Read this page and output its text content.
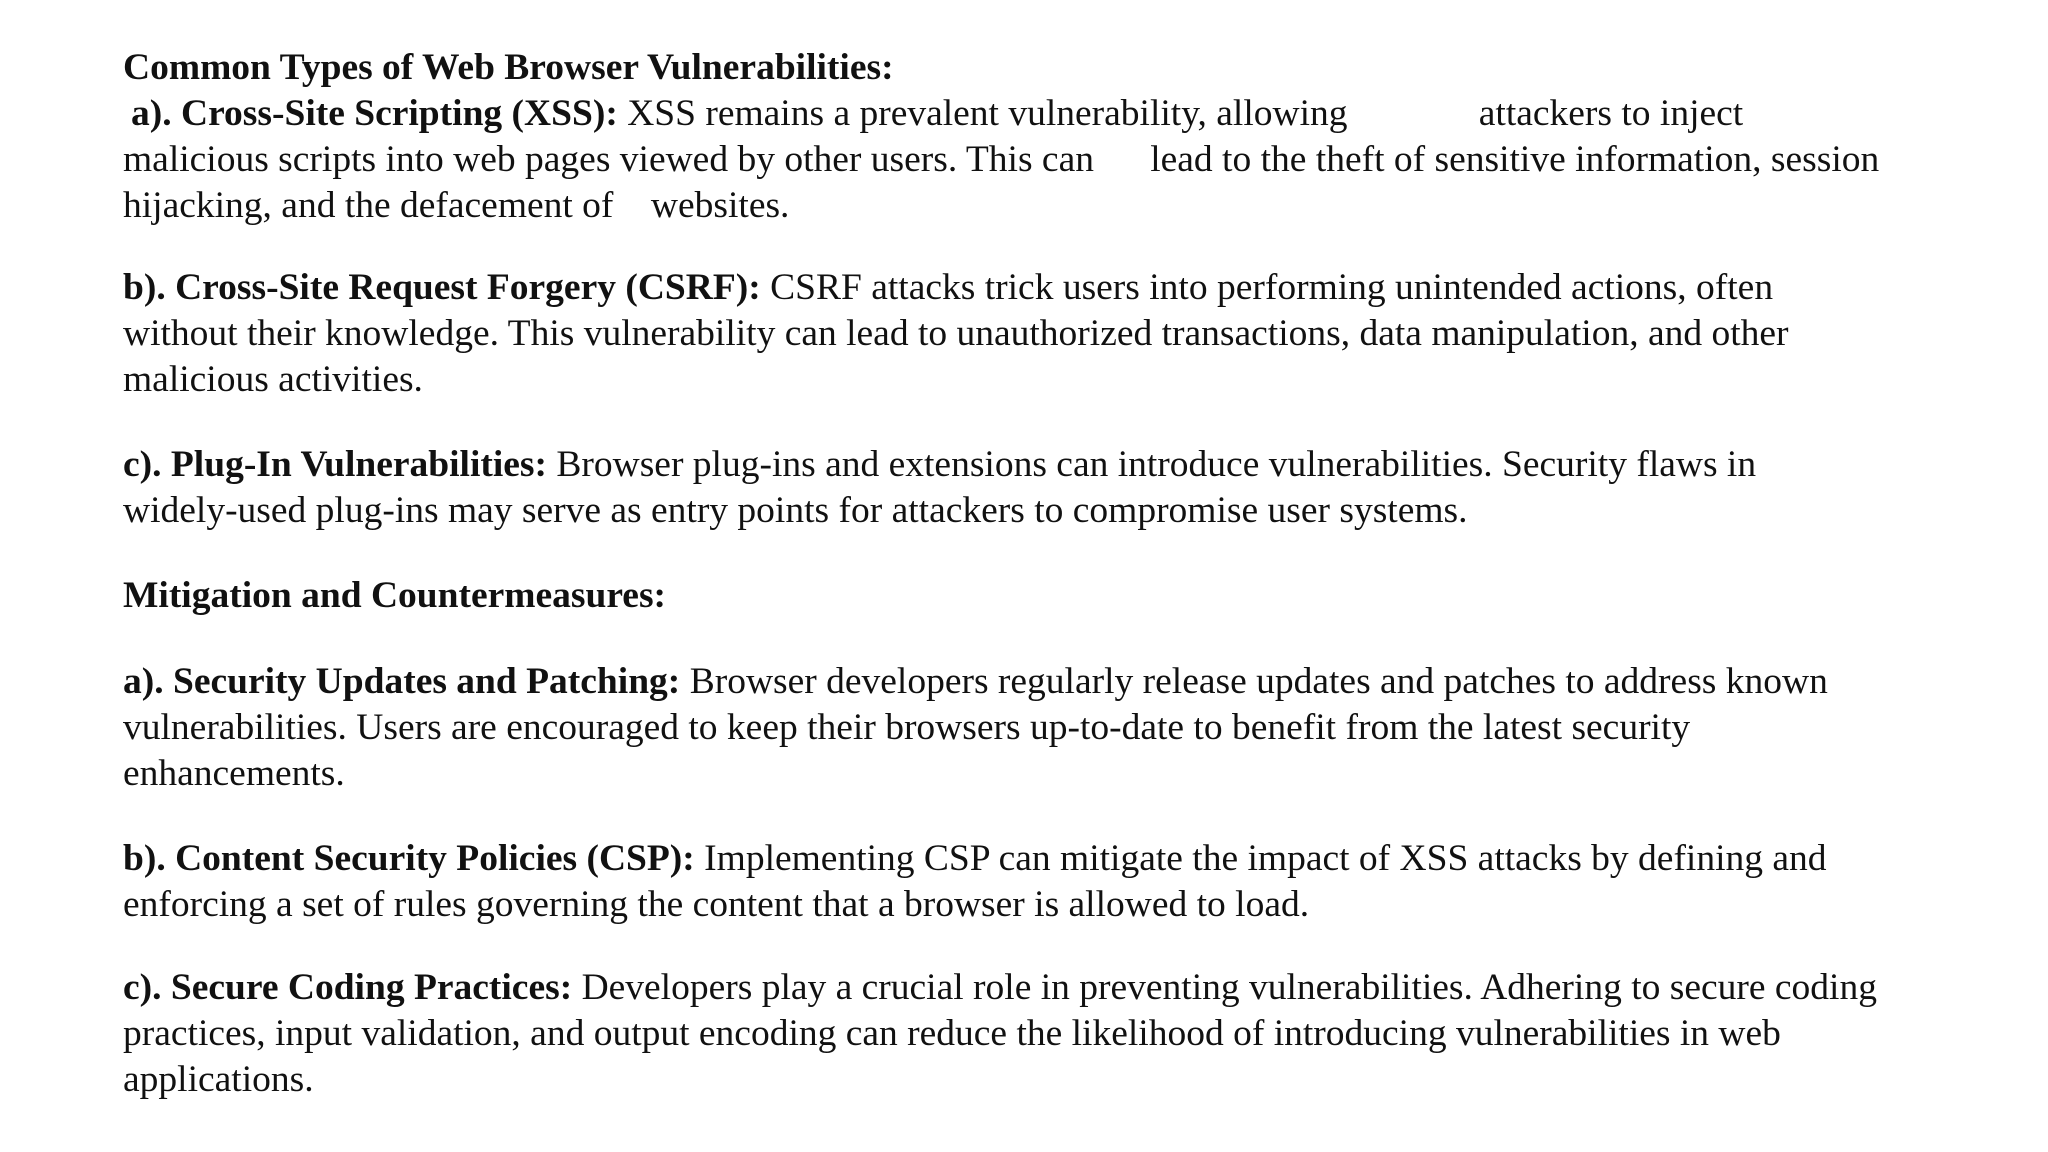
Common Types of Web Browser Vulnerabilities:

a). Cross-Site Scripting (XSS): XSS remains a prevalent vulnerability, allowing              attackers to inject

malicious scripts into web pages viewed by other users. This can      lead to the theft of sensitive information, session

hijacking, and the defacement of    websites.

b). Cross-Site Request Forgery (CSRF): CSRF attacks trick users into performing unintended actions, often

without their knowledge. This vulnerability can lead to unauthorized transactions, data manipulation, and other

malicious activities.

c). Plug-In Vulnerabilities: Browser plug-ins and extensions can introduce vulnerabilities. Security flaws in

widely-used plug-ins may serve as entry points for attackers to compromise user systems.

Mitigation and Countermeasures:

a). Security Updates and Patching: Browser developers regularly release updates and patches to address known

vulnerabilities. Users are encouraged to keep their browsers up-to-date to benefit from the latest security

enhancements.

b). Content Security Policies (CSP): Implementing CSP can mitigate the impact of XSS attacks by defining and

enforcing a set of rules governing the content that a browser is allowed to load.

c). Secure Coding Practices: Developers play a crucial role in preventing vulnerabilities. Adhering to secure coding

practices, input validation, and output encoding can reduce the likelihood of introducing vulnerabilities in web

applications.
